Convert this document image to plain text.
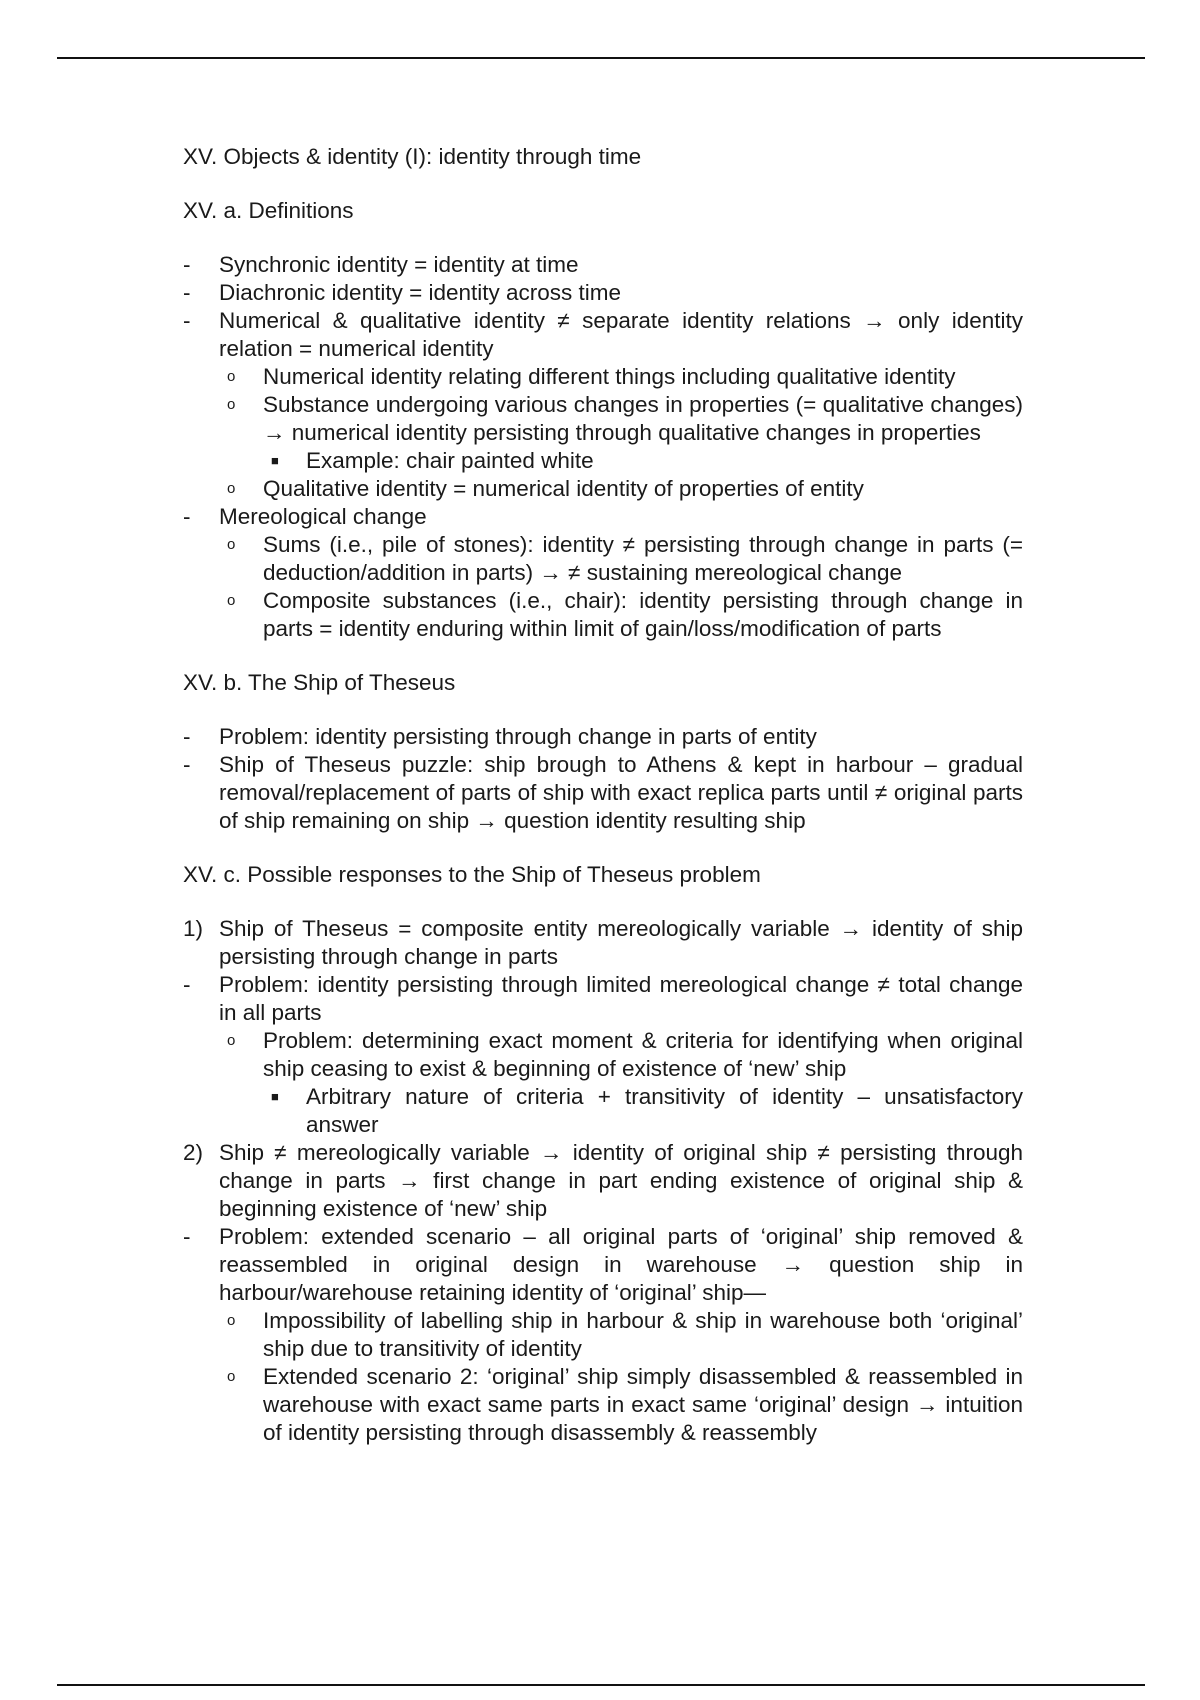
XV. Objects & identity (I): identity through time
XV. a. Definitions
- Synchronic identity = identity at time
- Diachronic identity = identity across time
- Numerical & qualitative identity ≠ separate identity relations → only identity relation = numerical identity
o Numerical identity relating different things including qualitative identity
o Substance undergoing various changes in properties (= qualitative changes) → numerical identity persisting through qualitative changes in properties
■ Example: chair painted white
o Qualitative identity = numerical identity of properties of entity
- Mereological change
o Sums (i.e., pile of stones): identity ≠ persisting through change in parts (= deduction/addition in parts) → ≠ sustaining mereological change
o Composite substances (i.e., chair): identity persisting through change in parts = identity enduring within limit of gain/loss/modification of parts
XV. b. The Ship of Theseus
- Problem: identity persisting through change in parts of entity
- Ship of Theseus puzzle: ship brough to Athens & kept in harbour – gradual removal/replacement of parts of ship with exact replica parts until ≠ original parts of ship remaining on ship → question identity resulting ship
XV. c. Possible responses to the Ship of Theseus problem
1)
Ship of Theseus = composite entity mereologically variable → identity of ship persisting through change in parts
- Problem: identity persisting through limited mereological change ≠ total change in all parts
o Problem: determining exact moment & criteria for identifying when original ship ceasing to exist & beginning of existence of ‘new’ ship
■ Arbitrary nature of criteria + transitivity of identity – unsatisfactory answer
2)
Ship ≠ mereologically variable → identity of original ship ≠ persisting through change in parts → first change in part ending existence of original ship & beginning existence of ‘new’ ship
- Problem: extended scenario – all original parts of ‘original’ ship removed & reassembled in original design in warehouse → question ship in harbour/warehouse retaining identity of ‘original’ ship—
o Impossibility of labelling ship in harbour & ship in warehouse both ‘original’ ship due to transitivity of identity
o Extended scenario 2: ‘original’ ship simply disassembled & reassembled in warehouse with exact same parts in exact same ‘original’ design → intuition of identity persisting through disassembly & reassembly
